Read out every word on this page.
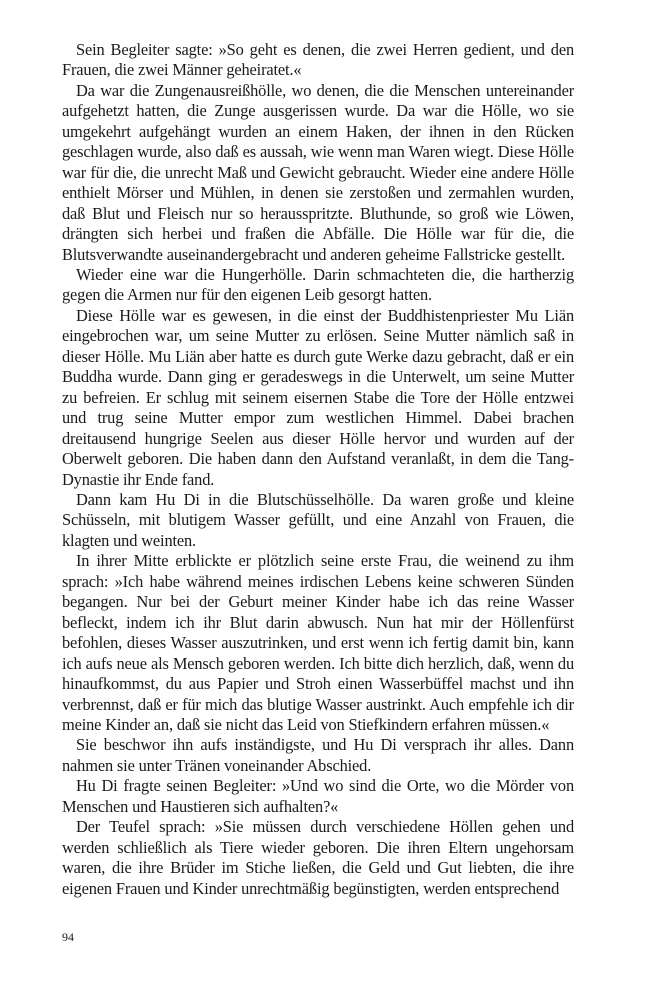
Sein Begleiter sagte: »So geht es denen, die zwei Herren gedient, und den Frauen, die zwei Männer geheiratet.«

Da war die Zungenausreißhölle, wo denen, die die Menschen untereinander aufgehetzt hatten, die Zunge ausgerissen wurde. Da war die Hölle, wo sie umgekehrt aufgehängt wurden an einem Haken, der ihnen in den Rücken geschlagen wurde, also daß es aussah, wie wenn man Waren wiegt. Diese Hölle war für die, die unrecht Maß und Gewicht gebraucht. Wieder eine andere Hölle enthielt Mörser und Mühlen, in denen sie zerstoßen und zermahlen wurden, daß Blut und Fleisch nur so herausspritzte. Bluthunde, so groß wie Löwen, drängten sich herbei und fraßen die Abfälle. Die Hölle war für die, die Blutsverwandte auseinandergebracht und anderen geheime Fallstricke gestellt.

Wieder eine war die Hungerhölle. Darin schmachteten die, die hartherzig gegen die Armen nur für den eigenen Leib gesorgt hatten.

Diese Hölle war es gewesen, in die einst der Buddhistenpriester Mu Liän eingebrochen war, um seine Mutter zu erlösen. Seine Mutter nämlich saß in dieser Hölle. Mu Liän aber hatte es durch gute Werke dazu gebracht, daß er ein Buddha wurde. Dann ging er geradeswegs in die Unterwelt, um seine Mutter zu befreien. Er schlug mit seinem eisernen Stabe die Tore der Hölle entzwei und trug seine Mutter empor zum westlichen Himmel. Dabei brachen dreitausend hungrige Seelen aus dieser Hölle hervor und wurden auf der Oberwelt geboren. Die haben dann den Aufstand veranlaßt, in dem die Tang-Dynastie ihr Ende fand.

Dann kam Hu Di in die Blutschüsselhölle. Da waren große und kleine Schüsseln, mit blutigem Wasser gefüllt, und eine Anzahl von Frauen, die klagten und weinten.

In ihrer Mitte erblickte er plötzlich seine erste Frau, die weinend zu ihm sprach: »Ich habe während meines irdischen Lebens keine schweren Sünden begangen. Nur bei der Geburt meiner Kinder habe ich das reine Wasser befleckt, indem ich ihr Blut darin abwusch. Nun hat mir der Höllenfürst befohlen, dieses Wasser auszutrinken, und erst wenn ich fertig damit bin, kann ich aufs neue als Mensch geboren werden. Ich bitte dich herzlich, daß, wenn du hinaufkommst, du aus Papier und Stroh einen Wasserbüffel machst und ihn verbrennst, daß er für mich das blutige Wasser austrinkt. Auch empfehle ich dir meine Kinder an, daß sie nicht das Leid von Stiefkindern erfahren müssen.«

Sie beschwor ihn aufs inständigste, und Hu Di versprach ihr alles. Dann nahmen sie unter Tränen voneinander Abschied.

Hu Di fragte seinen Begleiter: »Und wo sind die Orte, wo die Mörder von Menschen und Haustieren sich aufhalten?«

Der Teufel sprach: »Sie müssen durch verschiedene Höllen gehen und werden schließlich als Tiere wieder geboren. Die ihren Eltern ungehorsam waren, die ihre Brüder im Stiche ließen, die Geld und Gut liebten, die ihre eigenen Frauen und Kinder unrechtmäßig begünstigten, werden entsprechend

94
